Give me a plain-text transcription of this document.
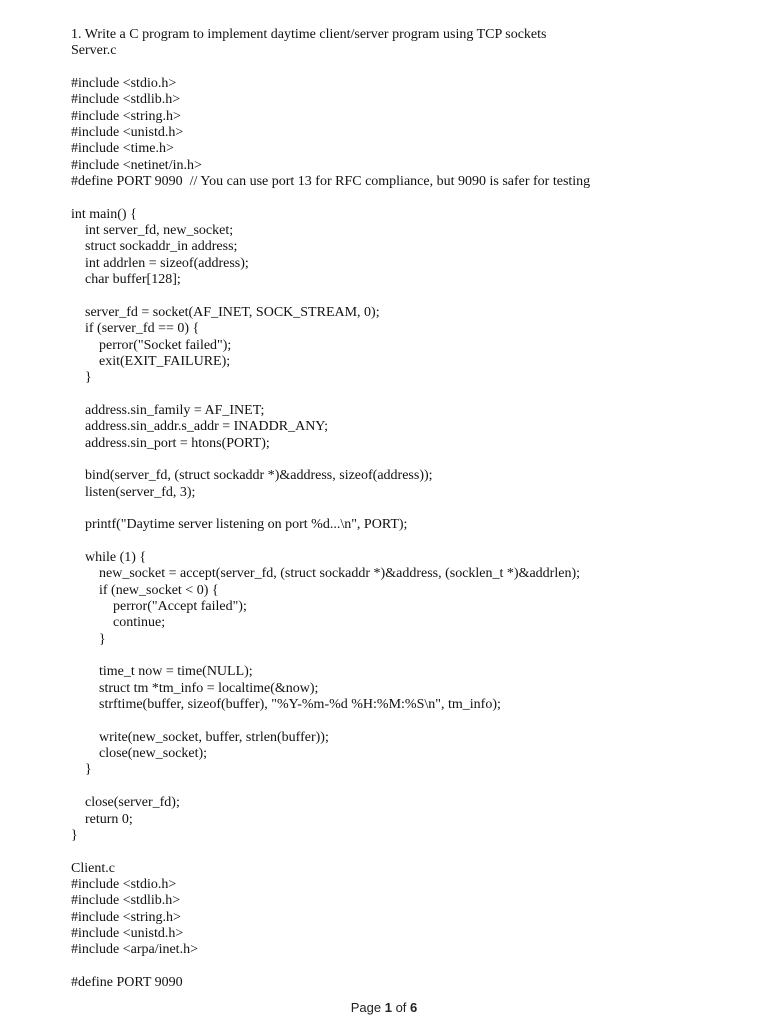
1. Write a C program to implement daytime client/server program using TCP sockets
Server.c
#include <stdio.h>
#include <stdlib.h>
#include <string.h>
#include <unistd.h>
#include <time.h>
#include <netinet/in.h>
#define PORT 9090  // You can use port 13 for RFC compliance, but 9090 is safer for testing
int main() {
int server_fd, new_socket;
struct sockaddr_in address;
int addrlen = sizeof(address);
char buffer[128];
server_fd = socket(AF_INET, SOCK_STREAM, 0);
if (server_fd == 0) {
perror("Socket failed");
exit(EXIT_FAILURE);
}
address.sin_family = AF_INET;
address.sin_addr.s_addr = INADDR_ANY;
address.sin_port = htons(PORT);
bind(server_fd, (struct sockaddr *)&address, sizeof(address));
listen(server_fd, 3);
printf("Daytime server listening on port %d...\n", PORT);
while (1) {
new_socket = accept(server_fd, (struct sockaddr *)&address, (socklen_t *)&addrlen);
if (new_socket < 0) {
perror("Accept failed");
continue;
}
time_t now = time(NULL);
struct tm *tm_info = localtime(&now);
strftime(buffer, sizeof(buffer), "%Y-%m-%d %H:%M:%S\n", tm_info);
write(new_socket, buffer, strlen(buffer));
close(new_socket);
}
close(server_fd);
return 0;
}
Client.c
#include <stdio.h>
#include <stdlib.h>
#include <string.h>
#include <unistd.h>
#include <arpa/inet.h>
#define PORT 9090
Page 1 of 6
